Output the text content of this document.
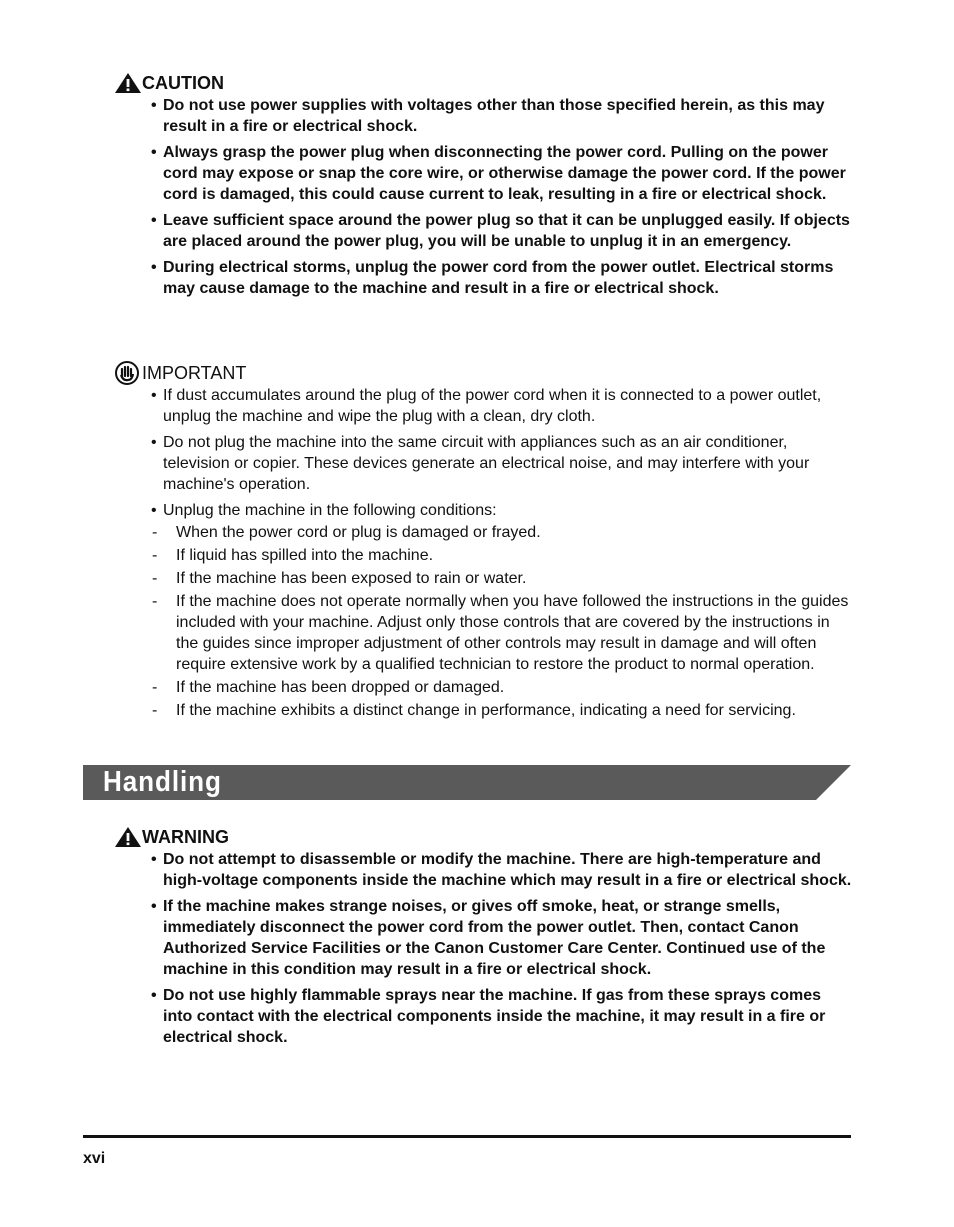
CAUTION
• Do not use power supplies with voltages other than those specified herein, as this may result in a fire or electrical shock.
• Always grasp the power plug when disconnecting the power cord. Pulling on the power cord may expose or snap the core wire, or otherwise damage the power cord. If the power cord is damaged, this could cause current to leak, resulting in a fire or electrical shock.
• Leave sufficient space around the power plug so that it can be unplugged easily. If objects are placed around the power plug, you will be unable to unplug it in an emergency.
• During electrical storms, unplug the power cord from the power outlet. Electrical storms may cause damage to the machine and result in a fire or electrical shock.
IMPORTANT
• If dust accumulates around the plug of the power cord when it is connected to a power outlet, unplug the machine and wipe the plug with a clean, dry cloth.
• Do not plug the machine into the same circuit with appliances such as an air conditioner, television or copier. These devices generate an electrical noise, and may interfere with your machine's operation.
• Unplug the machine in the following conditions:
- When the power cord or plug is damaged or frayed.
- If liquid has spilled into the machine.
- If the machine has been exposed to rain or water.
- If the machine does not operate normally when you have followed the instructions in the guides included with your machine. Adjust only those controls that are covered by the instructions in the guides since improper adjustment of other controls may result in damage and will often require extensive work by a qualified technician to restore the product to normal operation.
- If the machine has been dropped or damaged.
- If the machine exhibits a distinct change in performance, indicating a need for servicing.
Handling
WARNING
• Do not attempt to disassemble or modify the machine. There are high-temperature and high-voltage components inside the machine which may result in a fire or electrical shock.
• If the machine makes strange noises, or gives off smoke, heat, or strange smells, immediately disconnect the power cord from the power outlet. Then, contact Canon Authorized Service Facilities or the Canon Customer Care Center. Continued use of the machine in this condition may result in a fire or electrical shock.
• Do not use highly flammable sprays near the machine. If gas from these sprays comes into contact with the electrical components inside the machine, it may result in a fire or electrical shock.
xvi
